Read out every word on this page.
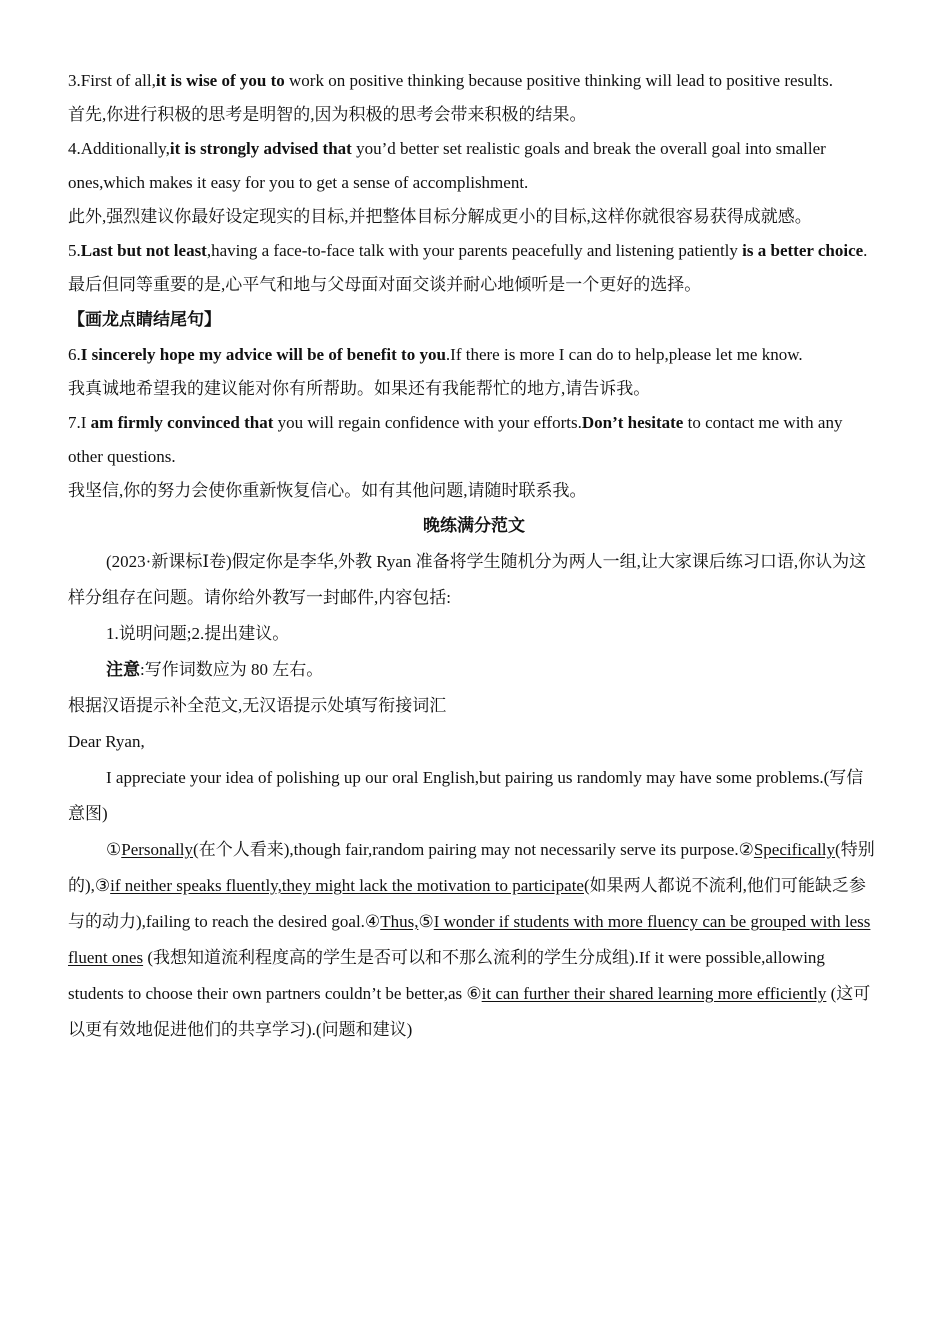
3.First of all,it is wise of you to work on positive thinking because positive thinking will lead to positive results.

首先,你进行积极的思考是明智的,因为积极的思考会带来积极的结果。

4.Additionally,it is strongly advised that you’d better set realistic goals and break the overall goal into smaller ones,which makes it easy for you to get a sense of accomplishment.

此外,强烈建议你最好设定现实的目标,并把整体目标分解成更小的目标,这样你就很容易获得成就感。

5.Last but not least,having a face-to-face talk with your parents peacefully and listening patiently is a better choice.

最后但同等重要的是,心平气和地与父母面对面交谈并耐心地倾听是一个更好的选择。

【画龙点睛结尾句】

6.I sincerely hope my advice will be of benefit to you.If there is more I can do to help,please let me know.

我真诚地希望我的建议能对你有所帮助。如果还有我能帮忙的地方,请告诉我。

7.I am firmly convinced that you will regain confidence with your efforts.Don’t hesitate to contact me with any other questions.

我坚信,你的努力会使你重新恢复信心。如有其他问题,请随时联系我。

晚练满分范文

(2023·新课标Ⅰ卷)假定你是李华,外教 Ryan 准备将学生随机分为两人一组,让大家课后练习口语,你认为这样分组存在问题。请你给外教写一封邮件,内容包括:

1.说明问题;2.提出建议。

注意:写作词数应为 80 左右。

根据汉语提示补全范文,无汉语提示处填写衔接词汇

Dear Ryan,

I appreciate your idea of polishing up our oral English,but pairing us randomly may have some problems.(写信意图)

①Personally(在个人看来),though fair,random pairing may not necessarily serve its purpose.②Specifically(特别的),③if neither speaks fluently,they might lack the motivation to participate(如果两人都说不流利,他们可能缺乏参与的动力),failing to reach the desired goal.④Thus,⑤I wonder if students with more fluency can be grouped with less fluent ones (我想知道流利程度高的学生是否可以和不那么流利的学生分成组).If it were possible,allowing students to choose their own partners couldn’t be better,as ⑥it can further their shared learning more efficiently (这可以更有效地促进他们的共享学习).(问题和建议)
